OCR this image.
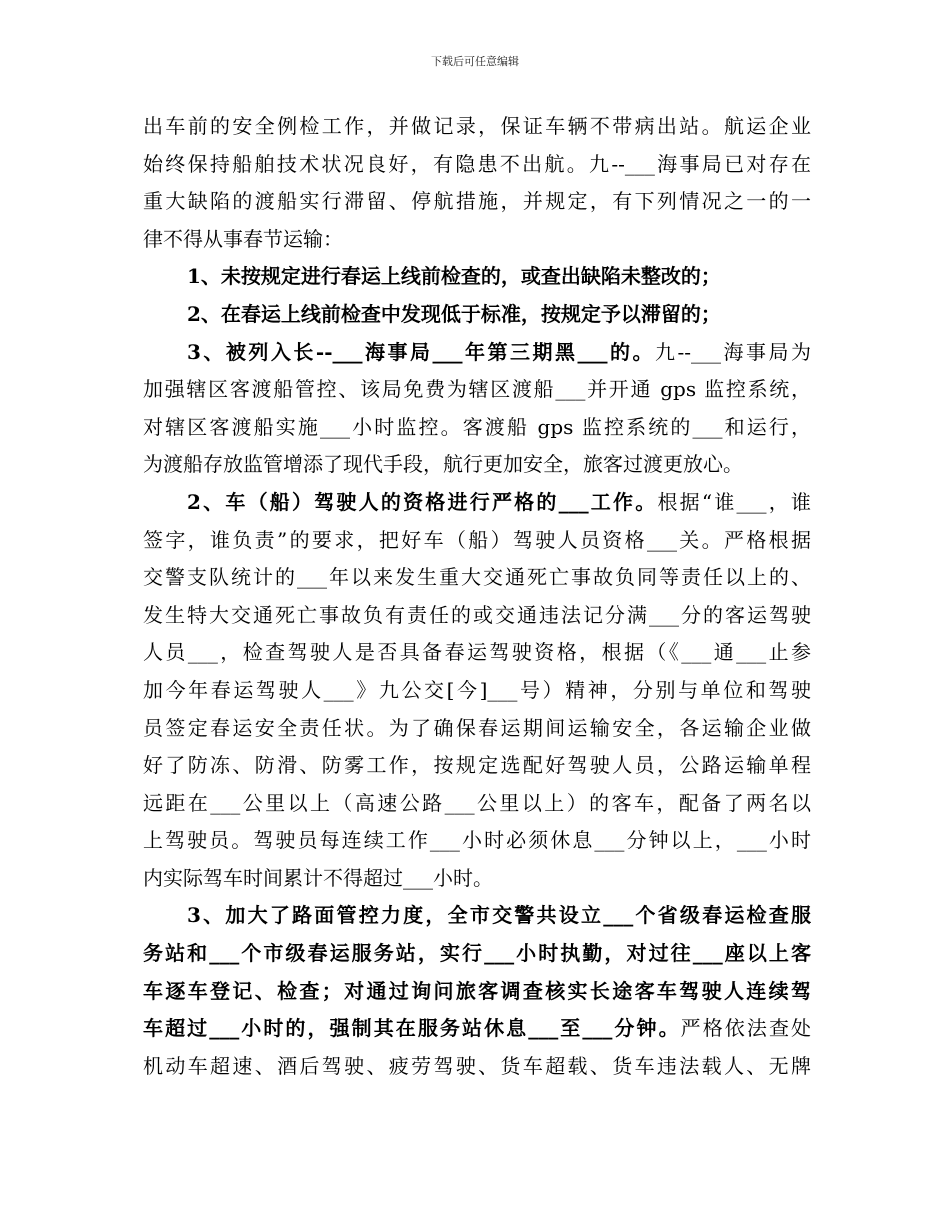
下载后可任意编辑
出车前的安全例检工作，并做记录，保证车辆不带病出站。航运企业
始终保持船舶技术状况良好，有隐患不出航。九--___海事局已对存在
重大缺陷的渡船实行滞留、停航措施，并规定，有下列情况之一的一
律不得从事春节运输：
1、未按规定进行春运上线前检查的，或查出缺陷未整改的；
2、在春运上线前检查中发现低于标准，按规定予以滞留的；
3、被列入长--___海事局___年第三期黑___的。九--___海事局为
加强辖区客渡船管控、该局免费为辖区渡船___并开通 gps 监控系统，
对辖区客渡船实施___小时监控。客渡船 gps 监控系统的___和运行，
为渡船存放监管增添了现代手段，航行更加安全，旅客过渡更放心。
2、车（船）驾驶人的资格进行严格的___工作。根据“谁___，谁
签字，谁负责”的要求，把好车（船）驾驶人员资格___关。严格根据
交警支队统计的___年以来发生重大交通死亡事故负同等责任以上的、
发生特大交通死亡事故负有责任的或交通违法记分满___分的客运驾驶
人员___，检查驾驶人是否具备春运驾驶资格，根据（《___通___止参
加今年春运驾驶人___》九公交[今]___号）精神，分别与单位和驾驶
员签定春运安全责任状。为了确保春运期间运输安全，各运输企业做
好了防冻、防滑、防雾工作，按规定选配好驾驶人员，公路运输单程
远距在___公里以上（高速公路___公里以上）的客车，配备了两名以
上驾驶员。驾驶员每连续工作___小时必须休息___分钟以上，___小时
内实际驾车时间累计不得超过___小时。
3、加大了路面管控力度，全市交警共设立___个省级春运检查服
务站和___个市级春运服务站，实行___小时执勤，对过往___座以上客
车逐车登记、检查；对通过询问旅客调查核实长途客车驾驶人连续驾
车超过___小时的，强制其在服务站休息___至___分钟。严格依法查处
机动车超速、酒后驾驶、疲劳驾驶、货车超载、货车违法载人、无牌
